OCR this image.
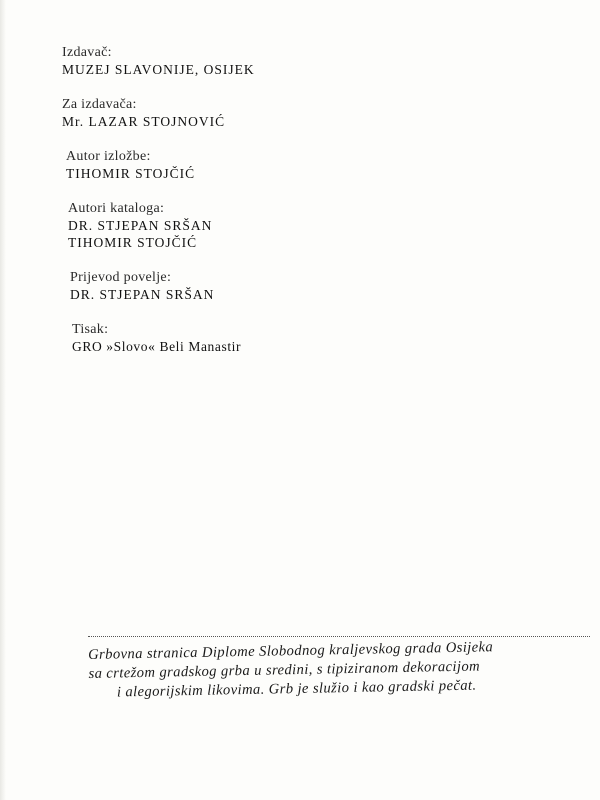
Izdavač:
MUZEJ SLAVONIJE, OSIJEK
Za izdavača:
Mr. LAZAR STOJNOVIĆ
Autor izložbe:
TIHOMIR STOJČIĆ
Autori kataloga:
DR. STJEPAN SRŠAN
TIHOMIR STOJČIĆ
Prijevod povelje:
DR. STJEPAN SRŠAN
Tisak:
GRO »Slovo« Beli Manastir
Grbovna stranica Diplome Slobodnog kraljevskog grada Osijeka
sa crtežom gradskog grba u sredini, s tipiziranom dekoracijom
i alegorijskim likovima. Grb je služio i kao gradski pečat.
